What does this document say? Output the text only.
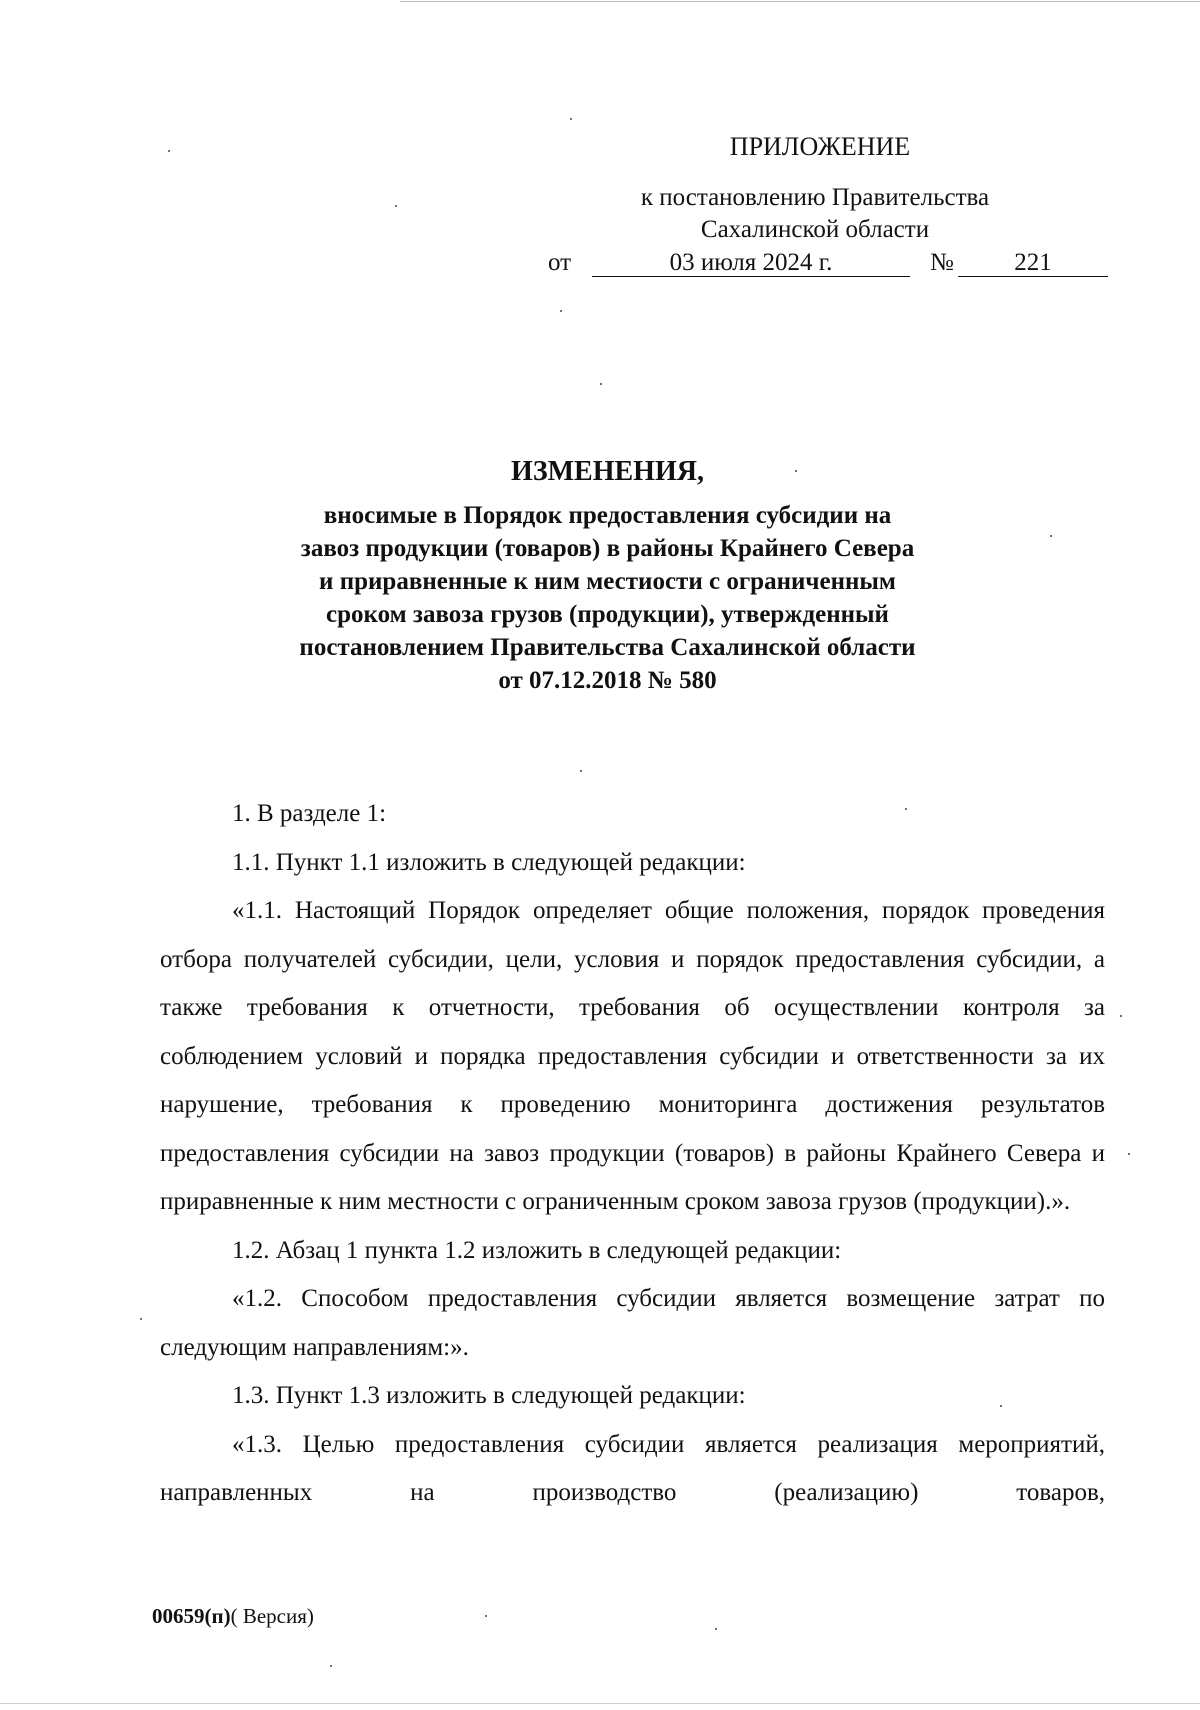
ПРИЛОЖЕНИЕ
к постановлению Правительства
Сахалинской области
от	03 июля 2024 г.	№	221
ИЗМЕНЕНИЯ,
вносимые в Порядок предоставления субсидии на
завоз продукции (товаров) в районы Крайнего Севера
и приравненные к ним местиости с ограниченным
сроком завоза грузов (продукции), утвержденный
постановлением Правительства Сахалинской области
от 07.12.2018 № 580

1. В разделе 1:

1.1. Пункт 1.1 изложить в следующей редакции:

«1.1. Настоящий Порядок определяет общие положения, порядок проведения отбора получателей субсидии, цели, условия и порядок предоставления субсидии, а также требования к отчетности, требования об осуществлении контроля за соблюдением условий и порядка предоставления субсидии и ответственности за их нарушение, требования к проведению мониторинга достижения результатов предоставления субсидии на завоз продукции (товаров) в районы Крайнего Севера и приравненные к ним местности с ограниченным сроком завоза грузов (продукции).».

1.2. Абзац 1 пункта 1.2 изложить в следующей редакции:

«1.2. Способом предоставления субсидии является возмещение затрат по следующим направлениям:».

1.3. Пункт 1.3 изложить в следующей редакции:

«1.3. Целью предоставления субсидии является реализация мероприятий, направленных на производство (реализацию) товаров,

00659(п)( Версия)
